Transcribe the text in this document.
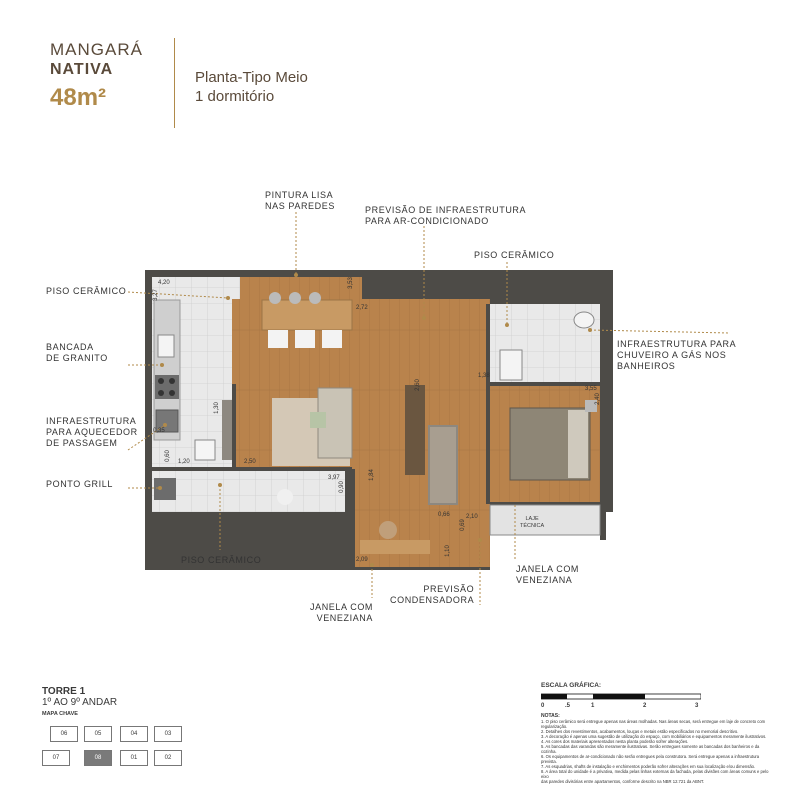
MANGARÁ
NATIVA
48m²
Planta-Tipo Meio
1 dormitório
4,20
3,27
2,72
3,53
1,30
1,38
2,60	3,55
2,40
0,60
1,20	2,50
0,35
3,97
0,90
1,84
0,66	2,10
0,69
2,09
1,10
PINTURA LISA
NAS PAREDES	PREVISÃO DE INFRAESTRUTURA
PARA AR-CONDICIONADO
PISO CERÂMICO
PISO CERÂMICO
BANCADA
DE GRANITO
INFRAESTRUTURA
PARA AQUECEDOR
DE PASSAGEM
PONTO GRILL
PISO CERÂMICO
INFRAESTRUTURA PARA
CHUVEIRO A GÁS NOS
BANHEIROS
PREVISÃO
CONDENSADORA
JANELA COM
VENEZIANA
JANELA COM
VENEZIANA
LAJE
TÉCNICA
TORRE 1
1º AO 9º ANDAR
MAPA CHAVE
06	05	04	03
07	08	01	02
ESCALA GRÁFICA:
0	.5	1	2	3
NOTAS:
1. O piso cerâmico será entregue apenas nas áreas molhadas. Nas áreas secas, será entregue em laje de concreto com regularização.
2. Detalhes dos revestimentos, acabamentos, louças e metais estão especificados no memorial descritivo.
3. A decoração é apenas uma sugestão de utilização do espaço, com mobiliários e equipamentos meramente ilustrativos.
4. As cores dos materiais apresentados nesta planta poderão sofrer alterações.
5. As bancadas das varandas são meramente ilustrativas. Serão entregues somente as bancadas dos banheiros e da cozinha.
6. Os equipamentos de ar-condicionado não serão entregues pela construtora. Será entregue apenas a infraestrutura prevista.
7. As esquadrias, shafts de instalação e enchimentos poderão sofrer alterações em sua localização e/ou dimensão.
8. A área total do unidade é a privativa, medida pelas linhas externas da fachada, pelas divisões com áreas comuns e pelo eixo
das paredes divisórias entre apartamentos, conforme descrito na NBR 12.721 da ABNT.
